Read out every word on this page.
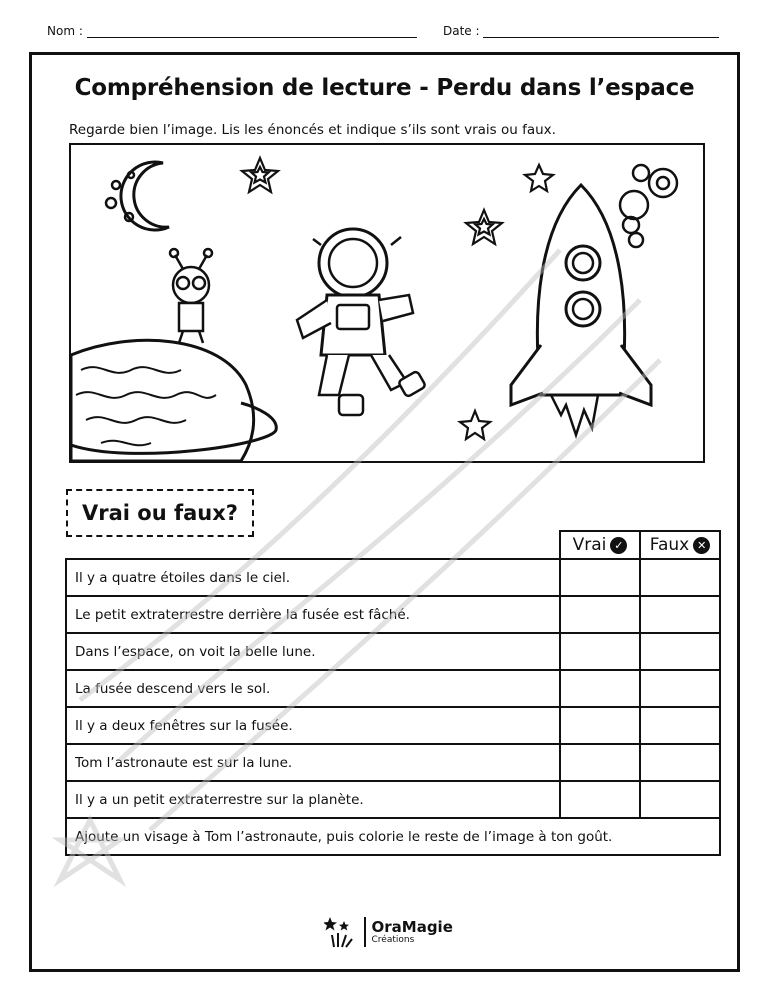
Nom :	Date :
Compréhension de lecture - Perdu dans l’espace
Regarde bien l’image. Lis les énoncés et indique s’ils sont vrais ou faux.
Vrai ou faux?

	Vrai ✓	Faux ✕

Il y a quatre étoiles dans le ciel.		
Le petit extraterrestre derrière la fusée est fâché.		
Dans l’espace, on voit la belle lune.		
La fusée descend vers le sol.		
Il y a deux fenêtres sur la fusée.		
Tom l’astronaute est sur la lune.		
Il y a un petit extraterrestre sur la planète.		
Ajoute un visage à Tom l’astronaute, puis colorie le reste de l’image à ton goût.		
OraMagie
Créations
